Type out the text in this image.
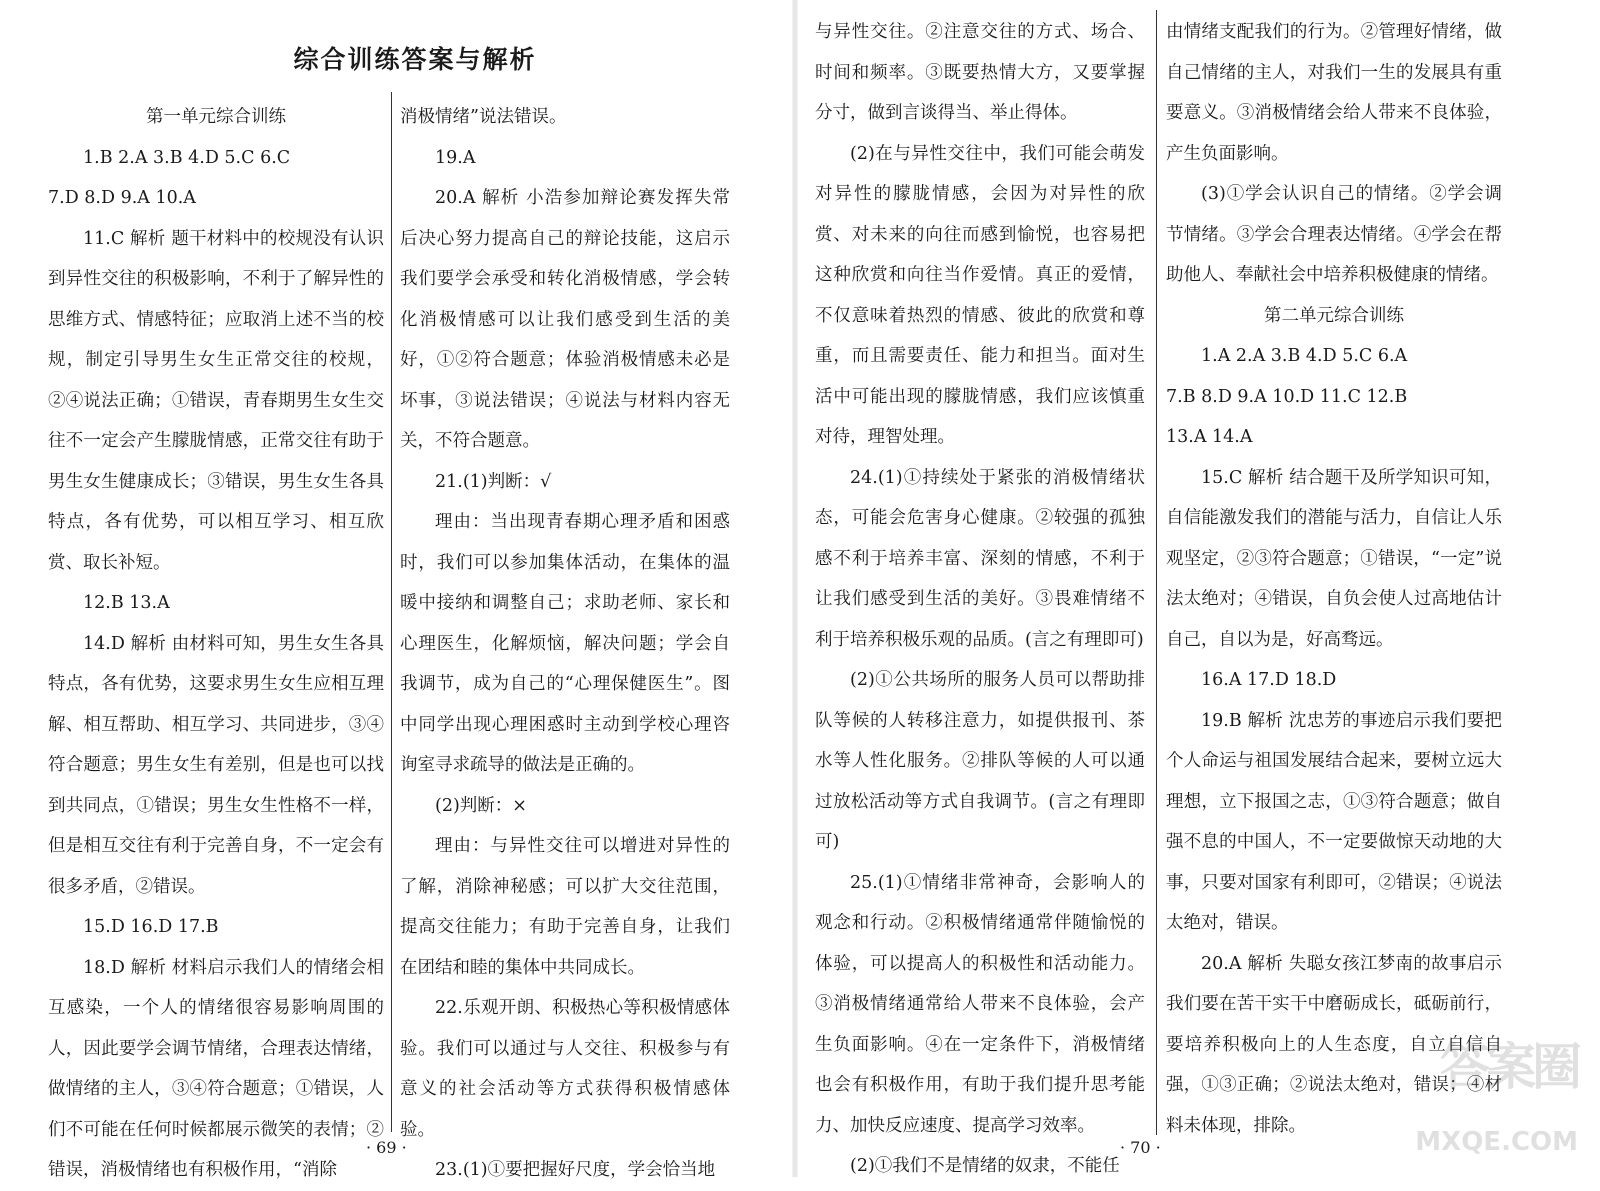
综合训练答案与解析

第一单元综合训练

1.B 2.A 3.B 4.D 5.C 6.C

7.D 8.D 9.A 10.A

11.C 解析 题干材料中的校规没有认识到异性交往的积极影响，不利于了解异性的思维方式、情感特征；应取消上述不当的校规，制定引导男生女生正常交往的校规，②④说法正确；①错误，青春期男生女生交往不一定会产生朦胧情感，正常交往有助于男生女生健康成长；③错误，男生女生各具特点，各有优势，可以相互学习、相互欣赏、取长补短。

12.B 13.A

14.D 解析 由材料可知，男生女生各具特点，各有优势，这要求男生女生应相互理解、相互帮助、相互学习、共同进步，③④符合题意；男生女生有差别，但是也可以找到共同点，①错误；男生女生性格不一样，但是相互交往有利于完善自身，不一定会有很多矛盾，②错误。

15.D 16.D 17.B

18.D 解析 材料启示我们人的情绪会相互感染，一个人的情绪很容易影响周围的人，因此要学会调节情绪，合理表达情绪，做情绪的主人，③④符合题意；①错误，人们不可能在任何时候都展示微笑的表情；②错误，消极情绪也有积极作用，“消除

消极情绪”说法错误。

19.A

20.A 解析 小浩参加辩论赛发挥失常后决心努力提高自己的辩论技能，这启示我们要学会承受和转化消极情感，学会转化消极情感可以让我们感受到生活的美好，①②符合题意；体验消极情感未必是坏事，③说法错误；④说法与材料内容无关，不符合题意。

21.(1)判断：√

理由：当出现青春期心理矛盾和困惑时，我们可以参加集体活动，在集体的温暖中接纳和调整自己；求助老师、家长和心理医生，化解烦恼，解决问题；学会自我调节，成为自己的“心理保健医生”。图中同学出现心理困惑时主动到学校心理咨询室寻求疏导的做法是正确的。

(2)判断：×

理由：与异性交往可以增进对异性的了解，消除神秘感；可以扩大交往范围，提高交往能力；有助于完善自身，让我们在团结和睦的集体中共同成长。

22.乐观开朗、积极热心等积极情感体验。我们可以通过与人交往、积极参与有意义的社会活动等方式获得积极情感体验。

23.(1)①要把握好尺度，学会恰当地

· 69 ·

与异性交往。②注意交往的方式、场合、时间和频率。③既要热情大方，又要掌握分寸，做到言谈得当、举止得体。

(2)在与异性交往中，我们可能会萌发对异性的朦胧情感，会因为对异性的欣赏、对未来的向往而感到愉悦，也容易把这种欣赏和向往当作爱情。真正的爱情，不仅意味着热烈的情感、彼此的欣赏和尊重，而且需要责任、能力和担当。面对生活中可能出现的朦胧情感，我们应该慎重对待，理智处理。

24.(1)①持续处于紧张的消极情绪状态，可能会危害身心健康。②较强的孤独感不利于培养丰富、深刻的情感，不利于让我们感受到生活的美好。③畏难情绪不利于培养积极乐观的品质。(言之有理即可)

(2)①公共场所的服务人员可以帮助排队等候的人转移注意力，如提供报刊、茶水等人性化服务。②排队等候的人可以通过放松活动等方式自我调节。(言之有理即可)

25.(1)①情绪非常神奇，会影响人的观念和行动。②积极情绪通常伴随愉悦的体验，可以提高人的积极性和活动能力。③消极情绪通常给人带来不良体验，会产生负面影响。④在一定条件下，消极情绪也会有积极作用，有助于我们提升思考能力、加快反应速度、提高学习效率。

(2)①我们不是情绪的奴隶，不能任

由情绪支配我们的行为。②管理好情绪，做自己情绪的主人，对我们一生的发展具有重要意义。③消极情绪会给人带来不良体验，产生负面影响。

(3)①学会认识自己的情绪。②学会调节情绪。③学会合理表达情绪。④学会在帮助他人、奉献社会中培养积极健康的情绪。

第二单元综合训练

1.A 2.A 3.B 4.D 5.C 6.A

7.B 8.D 9.A 10.D 11.C 12.B

13.A 14.A

15.C 解析 结合题干及所学知识可知，自信能激发我们的潜能与活力，自信让人乐观坚定，②③符合题意；①错误，“一定”说法太绝对；④错误，自负会使人过高地估计自己，自以为是，好高骛远。

16.A 17.D 18.D

19.B 解析 沈忠芳的事迹启示我们要把个人命运与祖国发展结合起来，要树立远大理想，立下报国之志，①③符合题意；做自强不息的中国人，不一定要做惊天动地的大事，只要对国家有利即可，②错误；④说法太绝对，错误。

20.A 解析 失聪女孩江梦南的故事启示我们要在苦干实干中磨砺成长，砥砺前行，要培养积极向上的人生态度，自立自信自强，①③正确；②说法太绝对，错误；④材料未体现，排除。

· 70 ·
答案圈
MXQE.COM
